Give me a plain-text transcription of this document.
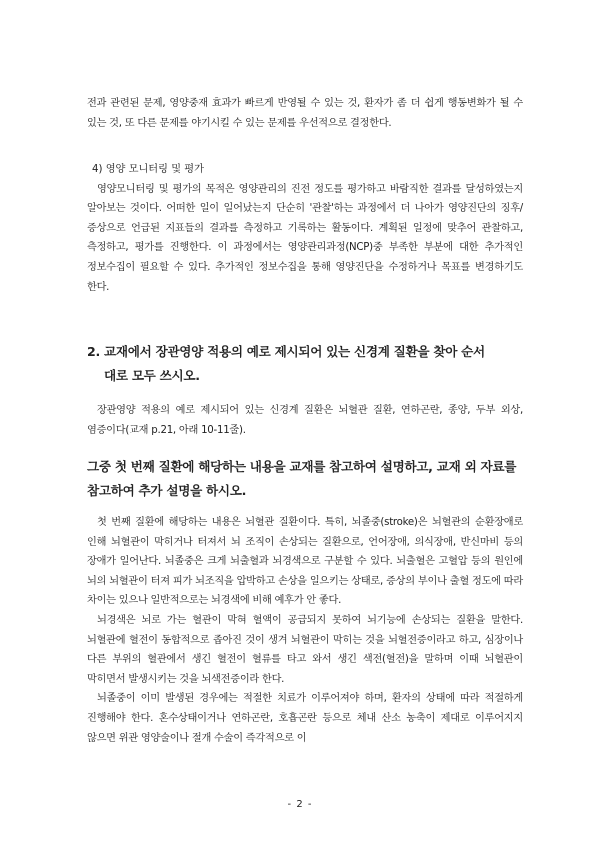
전과 관련된 문제, 영양중재 효과가 빠르게 반영될 수 있는 것, 환자가 좀 더 쉽게 행동변화가 될 수 있는 것, 또 다른 문제를 야기시킬 수 있는 문제를 우선적으로 결정한다.

4) 영양 모니터링 및 평가

영양모니터링 및 평가의 목적은 영양관리의 진전 정도를 평가하고 바람직한 결과를 달성하였는지 알아보는 것이다. 어떠한 일이 일어났는지 단순히 '관찰'하는 과정에서 더 나아가 영양진단의 징후/증상으로 언급된 지표들의 결과를 측정하고 기록하는 활동이다. 계획된 일정에 맞추어 관찰하고, 측정하고, 평가를 진행한다. 이 과정에서는 영양관리과정(NCP)중 부족한 부분에 대한 추가적인 정보수집이 필요할 수 있다. 추가적인 정보수집을 통해 영양진단을 수정하거나 목표를 변경하기도 한다.

2. 교재에서 장관영양 적용의 예로 제시되어 있는 신경계 질환을 찾아 순서
대로 모두 쓰시오.

장관영양 적용의 예로 제시되어 있는 신경계 질환은 뇌혈관 질환, 연하곤란, 종양, 두부 외상, 염증이다(교재 p.21, 아래 10-11줄).

그중 첫 번째 질환에 해당하는 내용을 교재를 참고하여 설명하고, 교재 외 자료를 참고하여 추가 설명을 하시오.

첫 번째 질환에 해당하는 내용은 뇌혈관 질환이다. 특히, 뇌졸중(stroke)은 뇌혈관의 순환장애로 인해 뇌혈관이 막히거나 터져서 뇌 조직이 손상되는 질환으로, 언어장애, 의식장애, 반신마비 등의 장애가 일어난다. 뇌졸중은 크게 뇌출혈과 뇌경색으로 구분할 수 있다. 뇌출혈은 고혈압 등의 원인에 뇌의 뇌혈관이 터져 피가 뇌조직을 압박하고 손상을 일으키는 상태로, 증상의 부이나 출혈 정도에 따라 차이는 있으나 일반적으로는 뇌경색에 비해 예후가 안 좋다.

뇌경색은 뇌로 가는 혈관이 막혀 혈액이 공급되지 못하여 뇌기능에 손상되는 질환을 말한다. 뇌혈관에 혈전이 동합적으로 좁아진 것이 생겨 뇌혈관이 막히는 것을 뇌혈전증이라고 하고, 심장이나 다른 부위의 혈관에서 생긴 혈전이 혈류를 타고 와서 생긴 색전(혈전)을 말하며 이때 뇌혈관이 막히면서 발생시키는 것을 뇌색전증이라 한다.

뇌졸중이 이미 발생된 경우에는 적절한 치료가 이루어져야 하며, 환자의 상태에 따라 적절하게 진행해야 한다. 혼수상태이거나 연하곤란, 호흡곤란 등으로 체내 산소 농축이 제대로 이루어지지 않으면 위관 영양술이나 절개 수술이 즉각적으로 이

- 2 -
